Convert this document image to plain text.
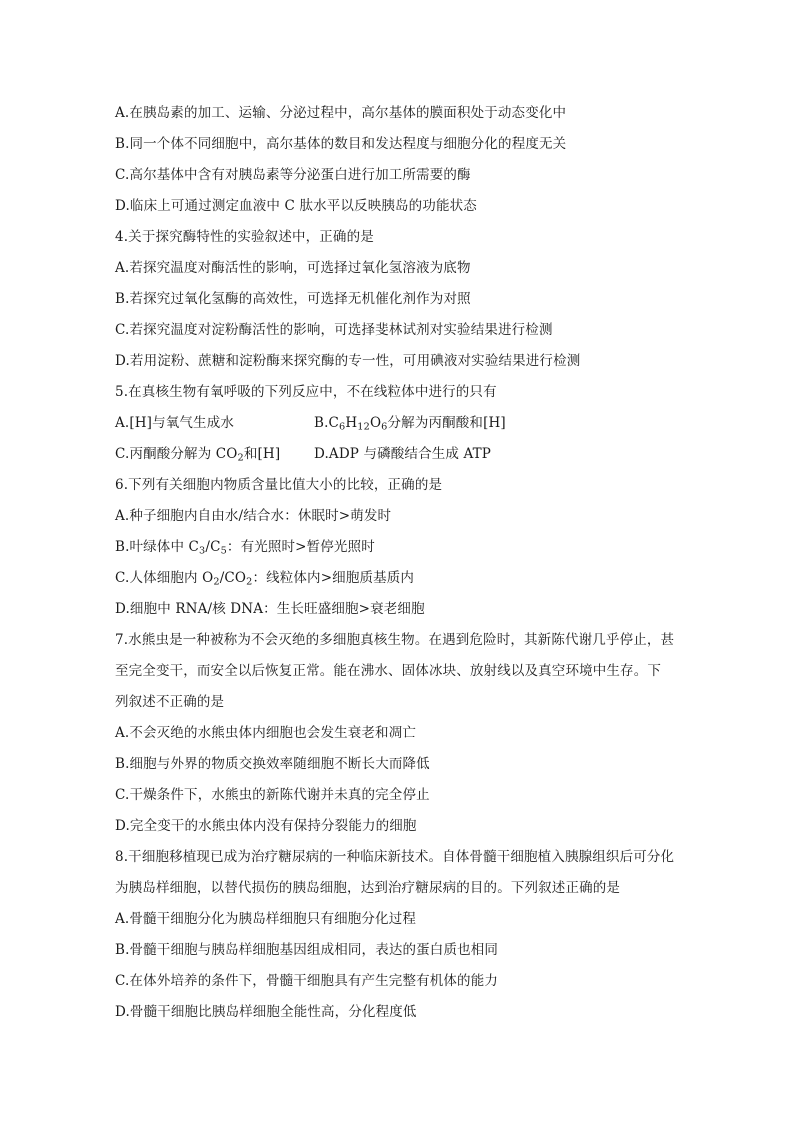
A.在胰岛素的加工、运输、分泌过程中，高尔基体的膜面积处于动态变化中
B.同一个体不同细胞中，高尔基体的数目和发达程度与细胞分化的程度无关
C.高尔基体中含有对胰岛素等分泌蛋白进行加工所需要的酶
D.临床上可通过测定血液中 C 肽水平以反映胰岛的功能状态
4.关于探究酶特性的实验叙述中，正确的是
A.若探究温度对酶活性的影响，可选择过氧化氢溶液为底物
B.若探究过氧化氢酶的高效性，可选择无机催化剂作为对照
C.若探究温度对淀粉酶活性的影响，可选择斐林试剂对实验结果进行检测
D.若用淀粉、蔗糖和淀粉酶来探究酶的专一性，可用碘液对实验结果进行检测
5.在真核生物有氧呼吸的下列反应中，不在线粒体中进行的只有
A.[H]与氧气生成水	$B.C_6H_{12}O_6$分解为丙酮酸和[H]
C.丙酮酸分解为 $CO_2$和[H]	D.ADP 与磷酸结合生成 ATP
6.下列有关细胞内物质含量比值大小的比较，正确的是
A.种子细胞内自由水/结合水：休眠时>萌发时
B.叶绿体中 $C_3/C_5$：有光照时>暂停光照时
C.人体细胞内 $O_2/CO_2$：线粒体内>细胞质基质内
D.细胞中 RNA/核 DNA：生长旺盛细胞>衰老细胞
7.水熊虫是一种被称为不会灭绝的多细胞真核生物。在遇到危险时，其新陈代谢几乎停止，甚
至完全变干，而安全以后恢复正常。能在沸水、固体冰块、放射线以及真空环境中生存。下
列叙述不正确的是
A.不会灭绝的水熊虫体内细胞也会发生衰老和凋亡
B.细胞与外界的物质交换效率随细胞不断长大而降低
C.干燥条件下，水熊虫的新陈代谢并未真的完全停止
D.完全变干的水熊虫体内没有保持分裂能力的细胞
8.干细胞移植现已成为治疗糖尿病的一种临床新技术。自体骨髓干细胞植入胰腺组织后可分化
为胰岛样细胞，以替代损伤的胰岛细胞，达到治疗糖尿病的目的。下列叙述正确的是
A.骨髓干细胞分化为胰岛样细胞只有细胞分化过程
B.骨髓干细胞与胰岛样细胞基因组成相同，表达的蛋白质也相同
C.在体外培养的条件下，骨髓干细胞具有产生完整有机体的能力
D.骨髓干细胞比胰岛样细胞全能性高，分化程度低
